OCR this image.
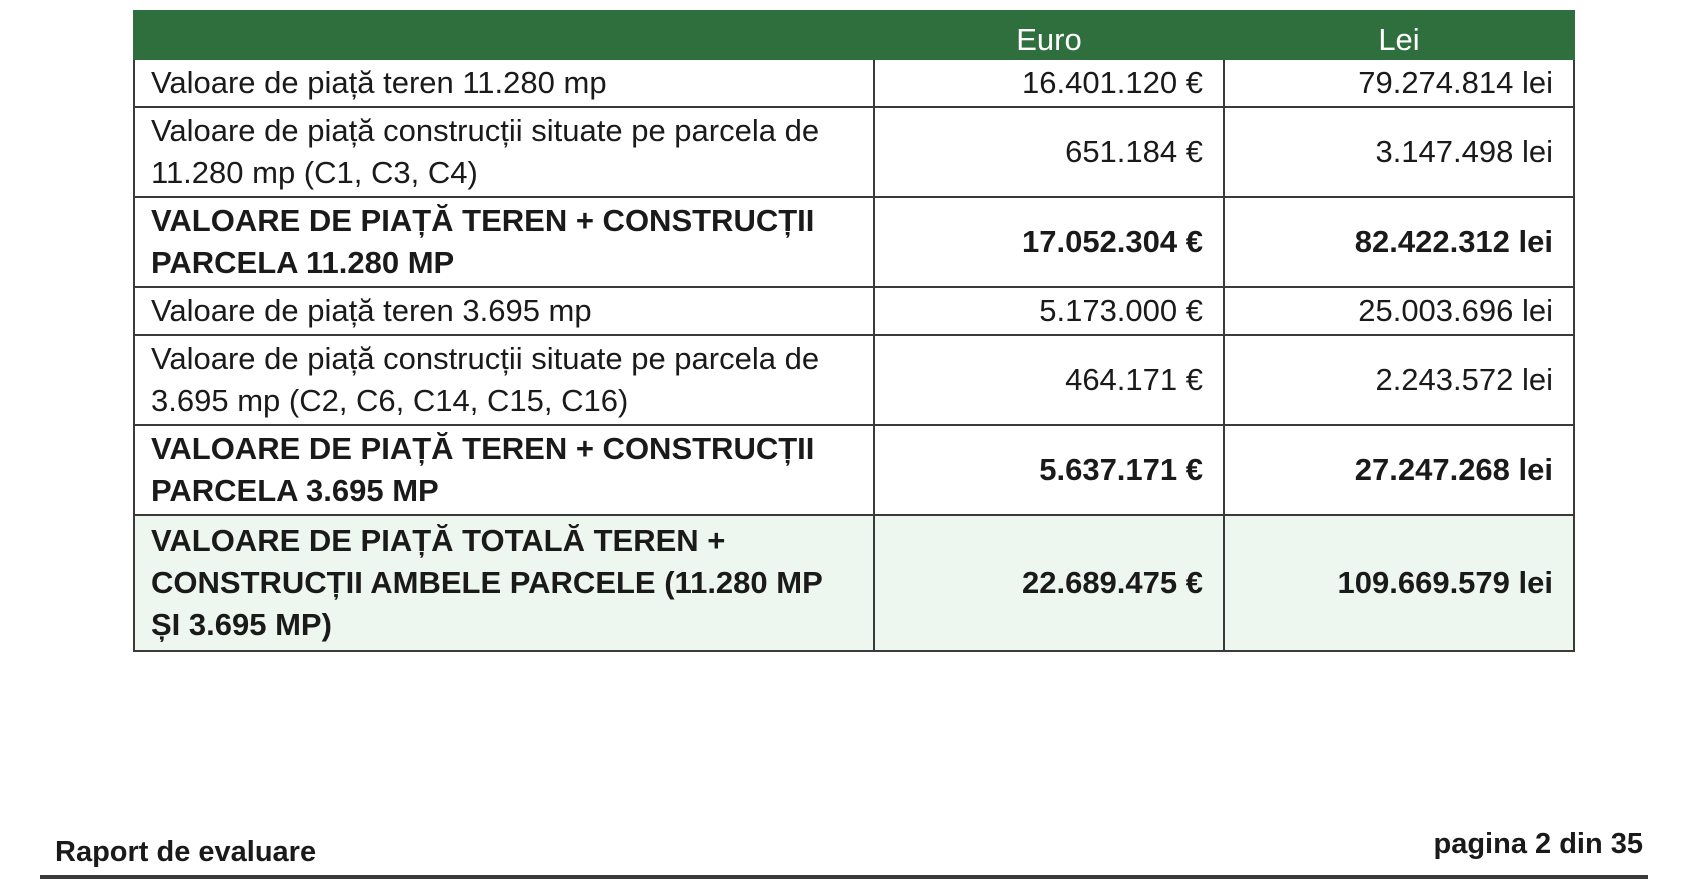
	Euro	Lei
Valoare de piață teren 11.280 mp	16.401.120 €	79.274.814 lei
Valoare de piață construcții situate pe parcela de 11.280 mp (C1, C3, C4)	651.184 €	3.147.498 lei
VALOARE DE PIAȚĂ TEREN + CONSTRUCȚII PARCELA 11.280 MP	17.052.304 €	82.422.312 lei
Valoare de piață teren 3.695 mp	5.173.000 €	25.003.696 lei
Valoare de piață construcții situate pe parcela de 3.695 mp (C2, C6, C14, C15, C16)	464.171 €	2.243.572 lei
VALOARE DE PIAȚĂ TEREN + CONSTRUCȚII PARCELA 3.695 MP	5.637.171 €	27.247.268 lei
VALOARE DE PIAȚĂ TOTALĂ TEREN + CONSTRUCȚII AMBELE PARCELE (11.280 MP ȘI 3.695 MP)	22.689.475 €	109.669.579 lei
Raport de evaluare	pagina 2 din 35
